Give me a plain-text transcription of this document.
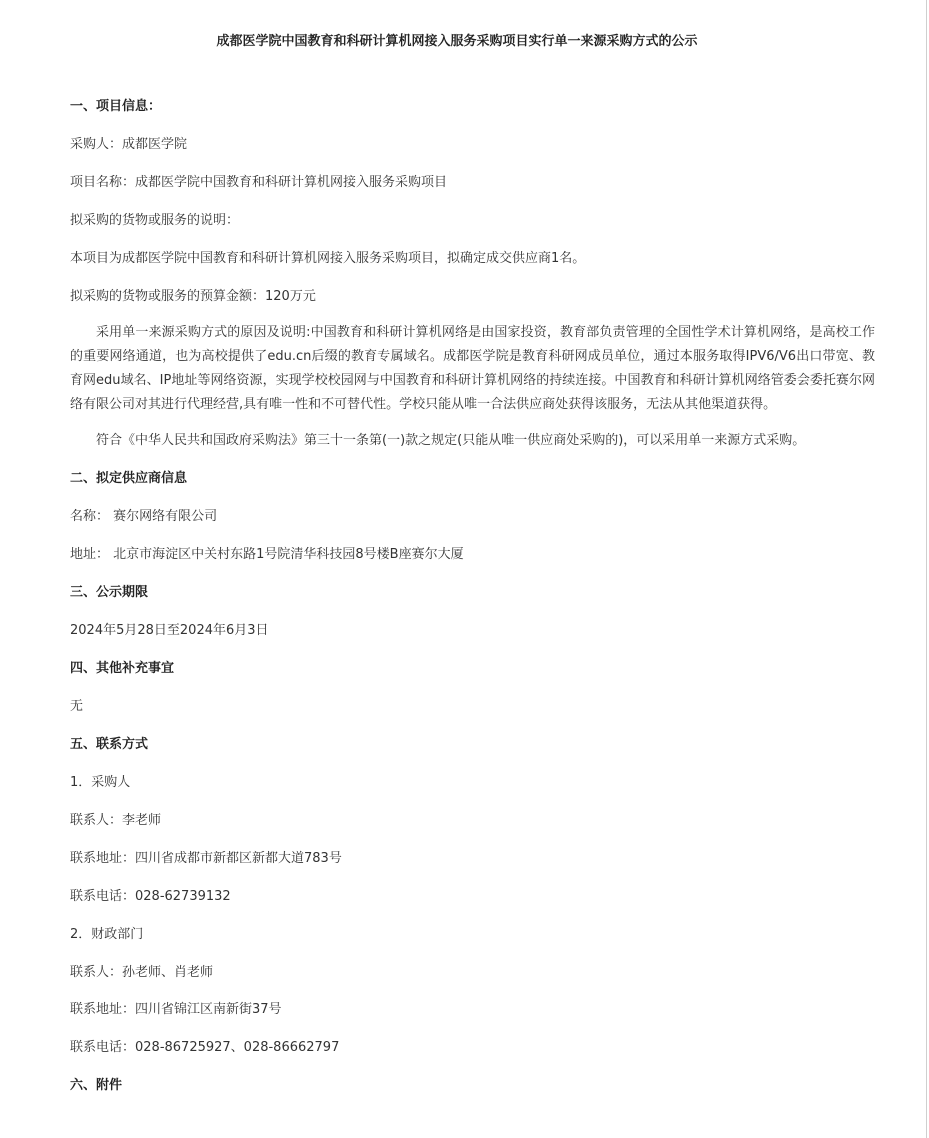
成都医学院中国教育和科研计算机网接入服务采购项目实行单一来源采购方式的公示
一、项目信息：
采购人：成都医学院
项目名称：成都医学院中国教育和科研计算机网接入服务采购项目
拟采购的货物或服务的说明：
本项目为成都医学院中国教育和科研计算机网接入服务采购项目，拟确定成交供应商1名。
拟采购的货物或服务的预算金额：120万元
采用单一来源采购方式的原因及说明:中国教育和科研计算机网络是由国家投资，教育部负责管理的全国性学术计算机网络，是高校工作的重要网络通道，也为高校提供了edu.cn后缀的教育专属域名。成都医学院是教育科研网成员单位，通过本服务取得IPV6/V6出口带宽、教育网edu域名、IP地址等网络资源，实现学校校园网与中国教育和科研计算机网络的持续连接。中国教育和科研计算机网络管委会委托赛尔网络有限公司对其进行代理经营,具有唯一性和不可替代性。学校只能从唯一合法供应商处获得该服务，无法从其他渠道获得。
符合《中华人民共和国政府采购法》第三十一条第(一)款之规定(只能从唯一供应商处采购的)，可以采用单一来源方式采购。
二、拟定供应商信息
名称： 赛尔网络有限公司
地址： 北京市海淀区中关村东路1号院清华科技园8号楼B座赛尔大厦
三、公示期限
2024年5月28日至2024年6月3日
四、其他补充事宜
无
五、联系方式
1．采购人
联系人：李老师
联系地址：四川省成都市新都区新都大道783号
联系电话：028-62739132
2．财政部门
联系人：孙老师、肖老师
联系地址：四川省锦江区南新街37号
联系电话：028-86725927、028-86662797
六、附件
